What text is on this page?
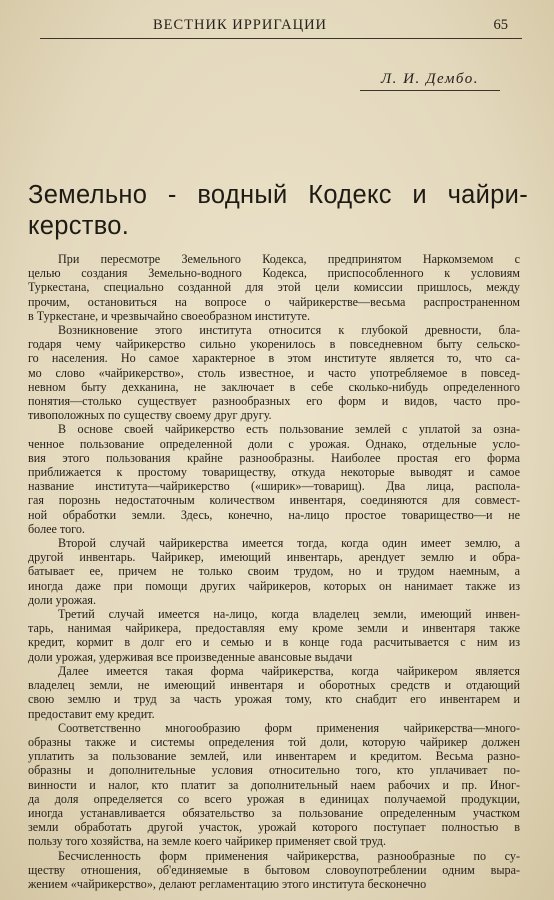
ВЕСТНИК ИРРИГАЦИИ	65
Л. И. Дембо.
Земельно - водный Кодекс и чайри-
керство.
При пересмотре Земельного Кодекса, предпринятом Наркомземом с
целью создания Земельно-водного Кодекса, приспособленного к условиям
Туркестана, специально созданной для этой цели комиссии пришлось, между
прочим, остановиться на вопросе о чайрикерстве—весьма распространенном
в Туркестане, и чрезвычайно своеобразном институте.
Возникновение этого института относится к глубокой древности, бла-
годаря чему чайрикерство сильно укоренилось в повседневном быту сельско-
го населения. Но самое характерное в этом институте является то, что са-
мо слово «чайрикерство», столь известное, и часто употребляемое в повсед-
невном быту дехканина, не заключает в себе сколько-нибудь определенного
понятия—столько существует разнообразных его форм и видов, часто про-
тивоположных по существу своему друг другу.
В основе своей чайрикерство есть пользование землей с уплатой за озна-
ченное пользование определенной доли с урожая. Однако, отдельные усло-
вия этого пользования крайне разнообразны. Наиболее простая его форма
приближается к простому товариществу, откуда некоторые выводят и самое
название института—чайрикерство («ширик»—товарищ). Два лица, распола-
гая порознь недостаточным количеством инвентаря, соединяются для совмест-
ной обработки земли. Здесь, конечно, на-лицо простое товарищество—и не
более того.
Второй случай чайрикерства имеется тогда, когда один имеет землю, а
другой инвентарь. Чайрикер, имеющий инвентарь, арендует землю и обра-
батывает ее, причем не только своим трудом, но и трудом наемным, а
иногда даже при помощи других чайрикеров, которых он нанимает также из
доли урожая.
Третий случай имеется на-лицо, когда владелец земли, имеющий инвен-
тарь, нанимая чайрикера, предоставляя ему кроме земли и инвентаря также
кредит, кормит в долг его и семью и в конце года расчитывается с ним из
доли урожая, удерживая все произведенные авансовые выдачи
Далее имеется такая форма чайрикерства, когда чайрикером является
владелец земли, не имеющий инвентаря и оборотных средств и отдающий
свою землю и труд за часть урожая тому, кто снабдит его инвентарем и
предоставит ему кредит.
Соответственно многообразию форм применения чайрикерства—много-
образны также и системы определения той доли, которую чайрикер должен
уплатить за пользование землей, или инвентарем и кредитом. Весьма разно-
образны и дополнительные условия относительно того, кто уплачивает по-
винности и налог, кто платит за дополнительный наем рабочих и пр. Иног-
да доля определяется со всего урожая в единицах получаемой продукции,
иногда устанавливается обязательство за пользование определенным участком
земли обработать другой участок, урожай которого поступает полностью в
пользу того хозяйства, на земле коего чайрикер применяет свой труд.
Бесчисленность форм применения чайрикерства, разнообразные по су-
ществу отношения, об'единяемые в бытовом словоупотреблении одним выра-
жением «чайрикерство», делают регламентацию этого института бесконечно
